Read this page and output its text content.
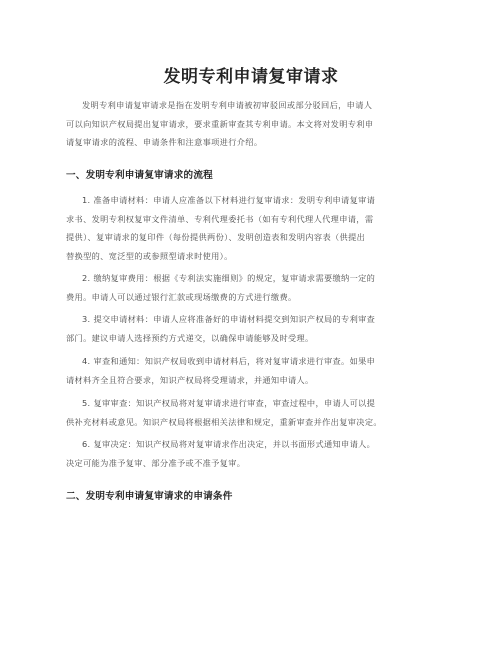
发明专利申请复审请求

发明专利申请复审请求是指在发明专利申请被初审驳回或部分驳回后，申请人
可以向知识产权局提出复审请求，要求重新审查其专利申请。本文将对发明专利申
请复审请求的流程、申请条件和注意事项进行介绍。

一、发明专利申请复审请求的流程

1. 准备申请材料：申请人应准备以下材料进行复审请求：发明专利申请复审请
求书、发明专利权复审文件清单、专利代理委托书（如有专利代理人代理申请，需
提供）、复审请求的复印件（每份提供两份）、发明创造表和发明内容表（供提出
替换型的、宽泛型的或参照型请求时使用）。

2. 缴纳复审费用：根据《专利法实施细则》的规定，复审请求需要缴纳一定的
费用。申请人可以通过银行汇款或现场缴费的方式进行缴费。

3. 提交申请材料：申请人应将准备好的申请材料提交到知识产权局的专利审查
部门。建议申请人选择预约方式递交，以确保申请能够及时受理。

4. 审查和通知：知识产权局收到申请材料后，将对复审请求进行审查。如果申
请材料齐全且符合要求，知识产权局将受理请求，并通知申请人。

5. 复审审查：知识产权局将对复审请求进行审查，审查过程中，申请人可以提
供补充材料或意见。知识产权局将根据相关法律和规定，重新审查并作出复审决定。

6. 复审决定：知识产权局将对复审请求作出决定，并以书面形式通知申请人。
决定可能为准予复审、部分准予或不准予复审。

二、发明专利申请复审请求的申请条件
